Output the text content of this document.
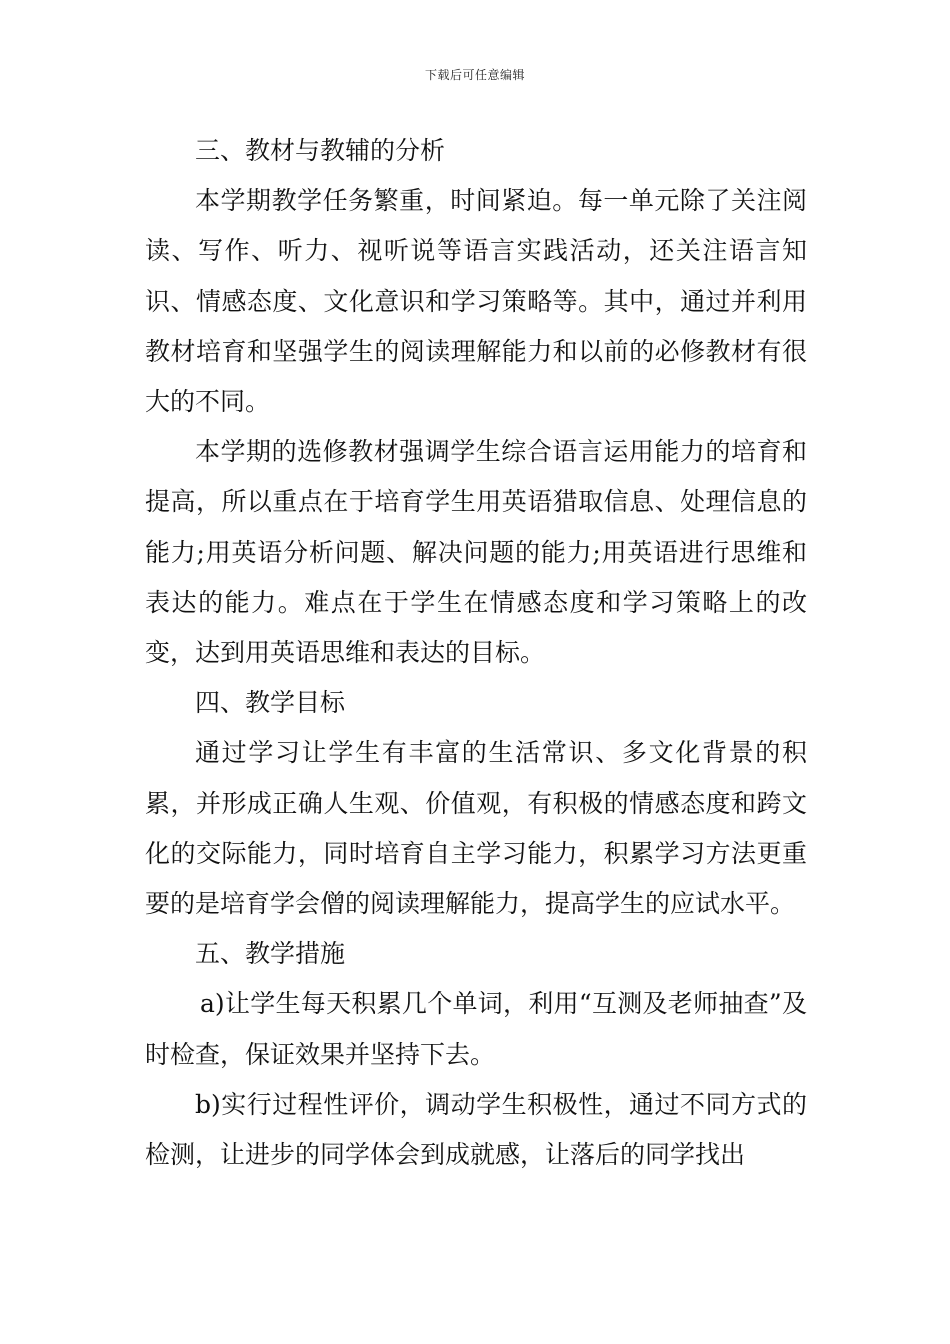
下载后可任意编辑

三、教材与教辅的分析

本学期教学任务繁重，时间紧迫。每一单元除了关注阅读、写作、听力、视听说等语言实践活动，还关注语言知识、情感态度、文化意识和学习策略等。其中，通过并利用教材培育和坚强学生的阅读理解能力和以前的必修教材有很大的不同。

本学期的选修教材强调学生综合语言运用能力的培育和提高，所以重点在于培育学生用英语猎取信息、处理信息的能力;用英语分析问题、解决问题的能力;用英语进行思维和表达的能力。难点在于学生在情感态度和学习策略上的改变，达到用英语思维和表达的目标。

四、教学目标

通过学习让学生有丰富的生活常识、多文化背景的积累，并形成正确人生观、价值观，有积极的情感态度和跨文化的交际能力，同时培育自主学习能力，积累学习方法更重要的是培育学会僧的阅读理解能力，提高学生的应试水平。

五、教学措施

a)让学生每天积累几个单词，利用“互测及老师抽查”及时检查，保证效果并坚持下去。

b)实行过程性评价，调动学生积极性，通过不同方式的检测，让进步的同学体会到成就感，让落后的同学找出
